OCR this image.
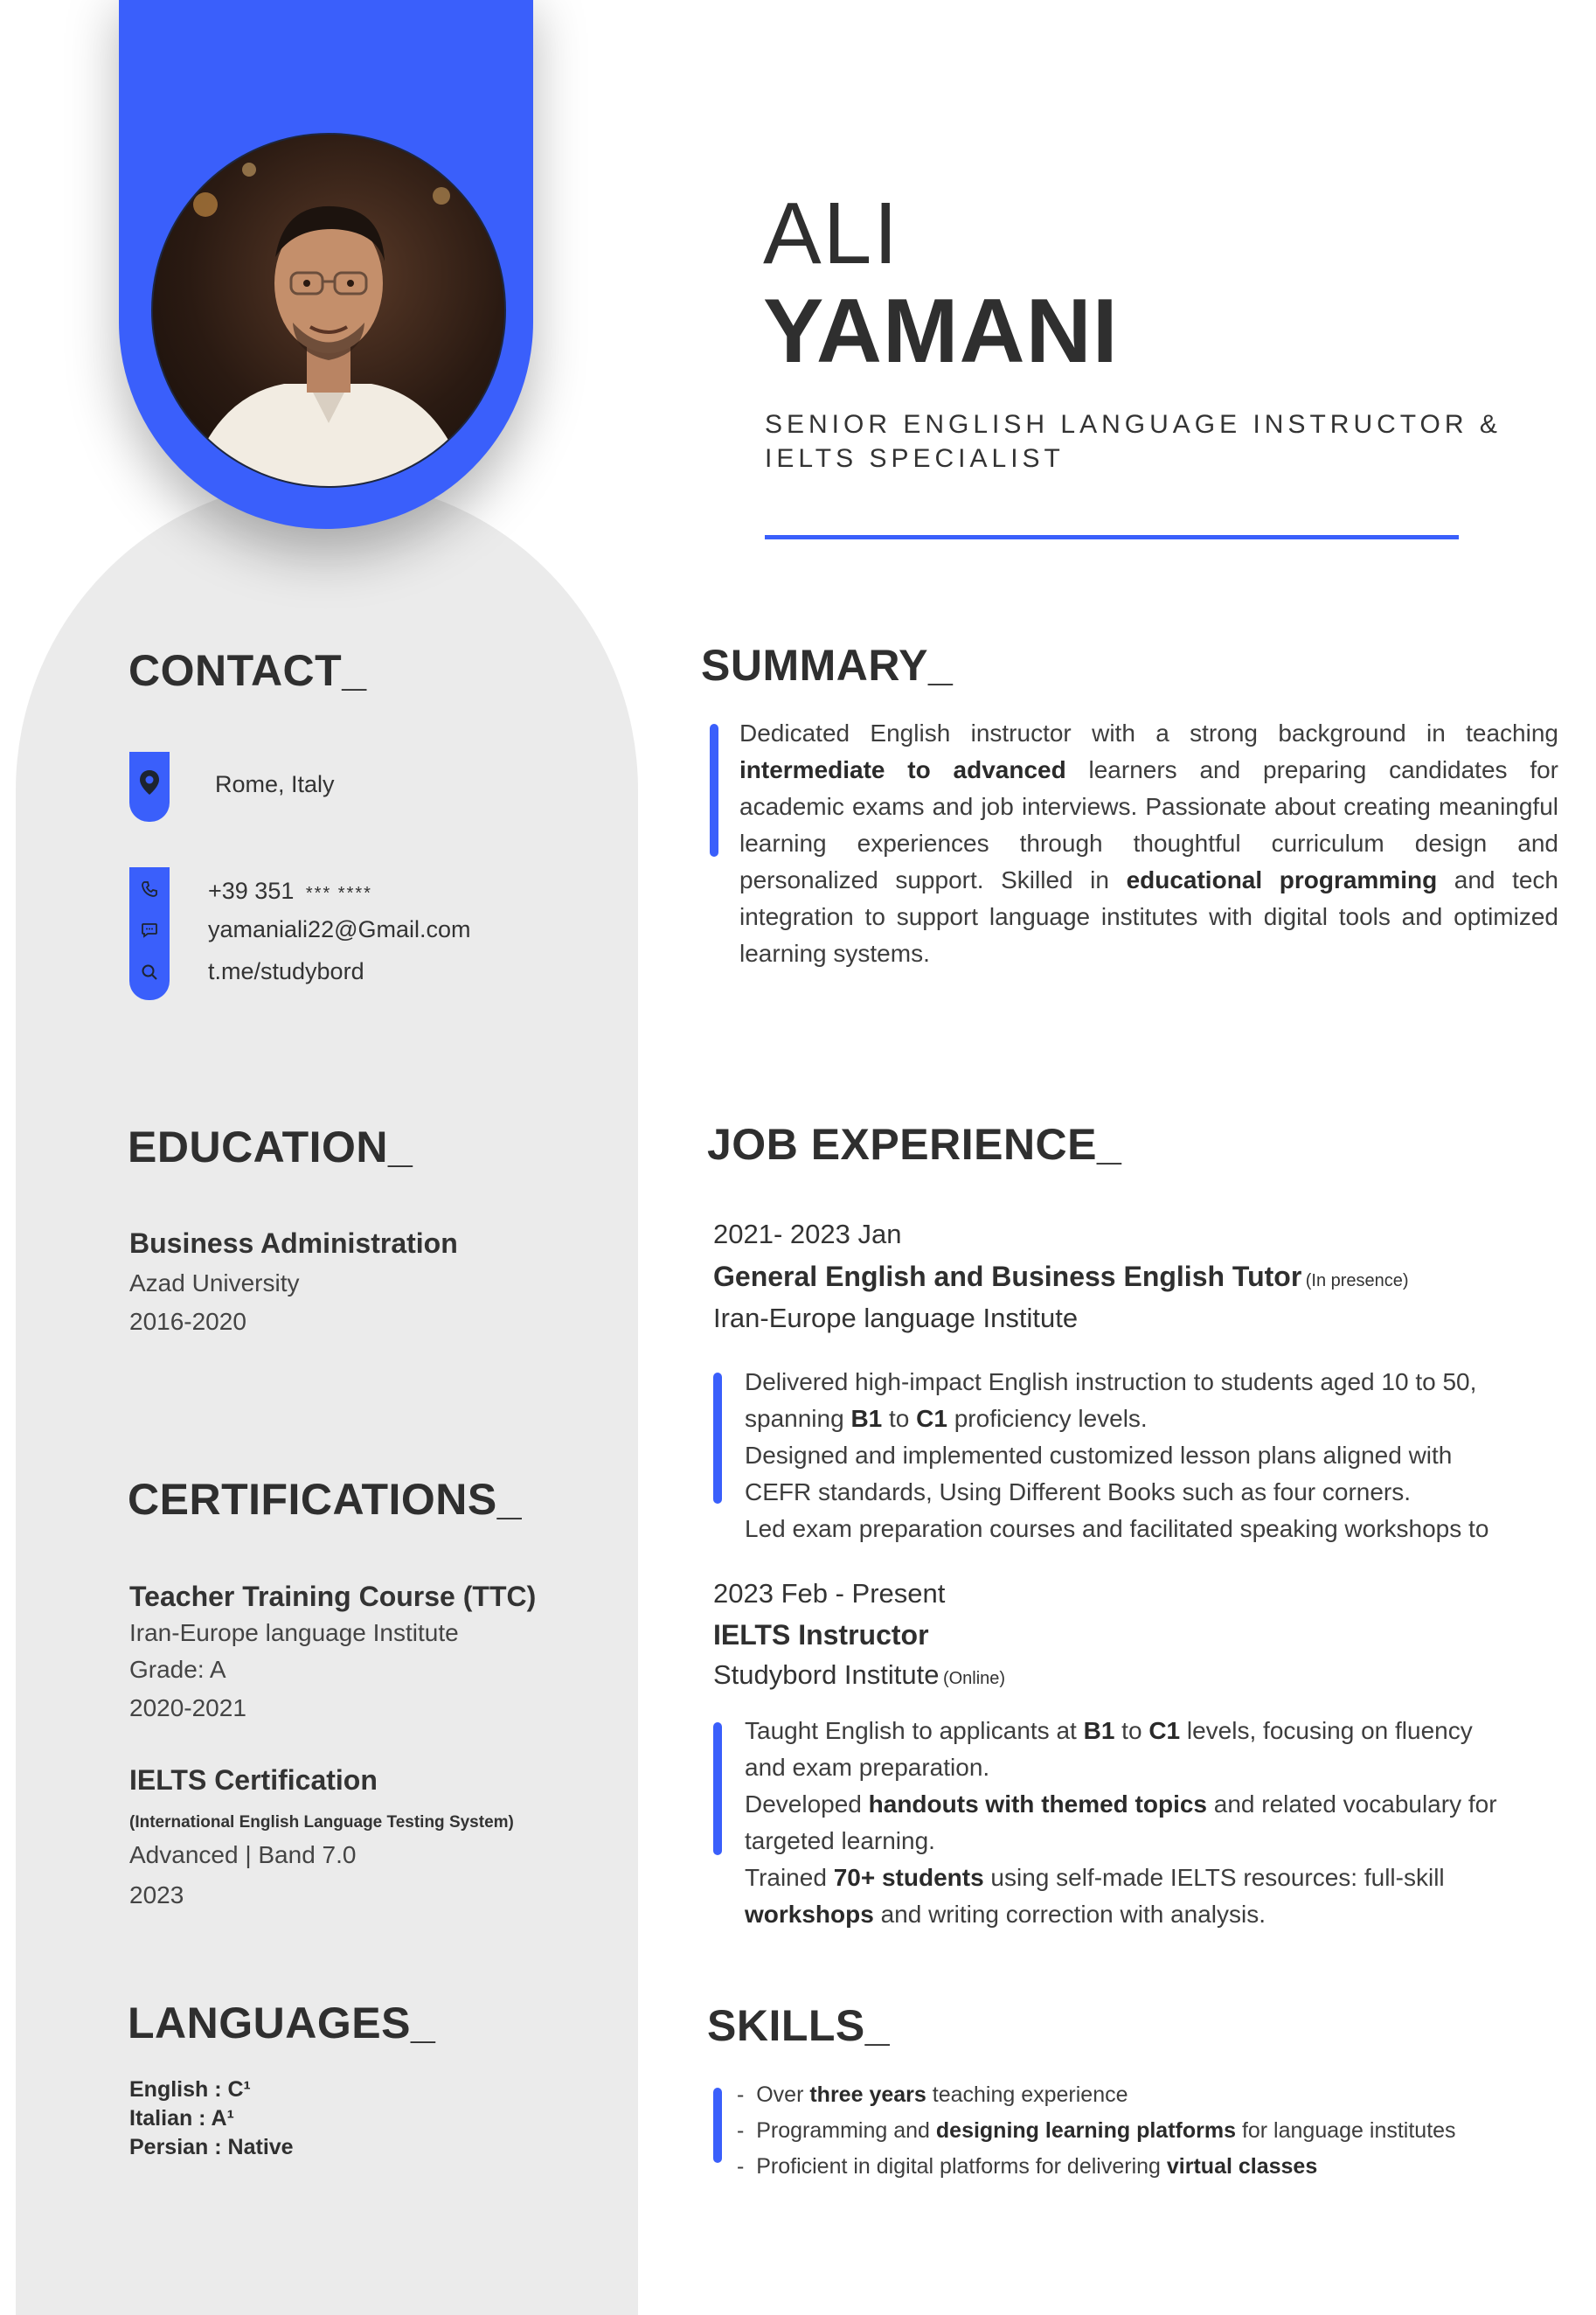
ALI
YAMANI
SENIOR ENGLISH LANGUAGE INSTRUCTOR &
IELTS SPECIALIST
CONTACT_
Rome, Italy
+39 351 *** ****
yamaniali22@Gmail.com
t.me/studybord
SUMMARY_
Dedicated English instructor with a strong background in teaching intermediate to advanced learners and preparing candidates for academic exams and job interviews. Passionate about creating meaningful learning experiences through thoughtful curriculum design and personalized support. Skilled in educational programming and tech integration to support language institutes with digital tools and optimized learning systems.
EDUCATION_
Business Administration
Azad University
2016-2020
CERTIFICATIONS_
Teacher Training Course (TTC)
Iran-Europe language Institute
Grade: A
2020-2021
IELTS Certification
(International English Language Testing System)
Advanced | Band 7.0
2023
LANGUAGES_
English : C¹
Italian : A¹
Persian : Native
JOB EXPERIENCE_
2021- 2023 Jan
General English and Business English Tutor (In presence)
Iran-Europe language Institute
Delivered high-impact English instruction to students aged 10 to 50,
spanning B1 to C1 proficiency levels.
Designed and implemented customized lesson plans aligned with
CEFR standards, Using Different Books such as four corners.
Led exam preparation courses and facilitated speaking workshops to
2023 Feb - Present
IELTS Instructor
Studybord Institute (Online)
Taught English to applicants at B1 to C1 levels, focusing on fluency
and exam preparation.
Developed handouts with themed topics and related vocabulary for
targeted learning.
Trained 70+ students using self-made IELTS resources: full-skill
workshops and writing correction with analysis.
SKILLS_
-  Over three years teaching experience
-  Programming and designing learning platforms for language institutes
-  Proficient in digital platforms for delivering virtual classes
